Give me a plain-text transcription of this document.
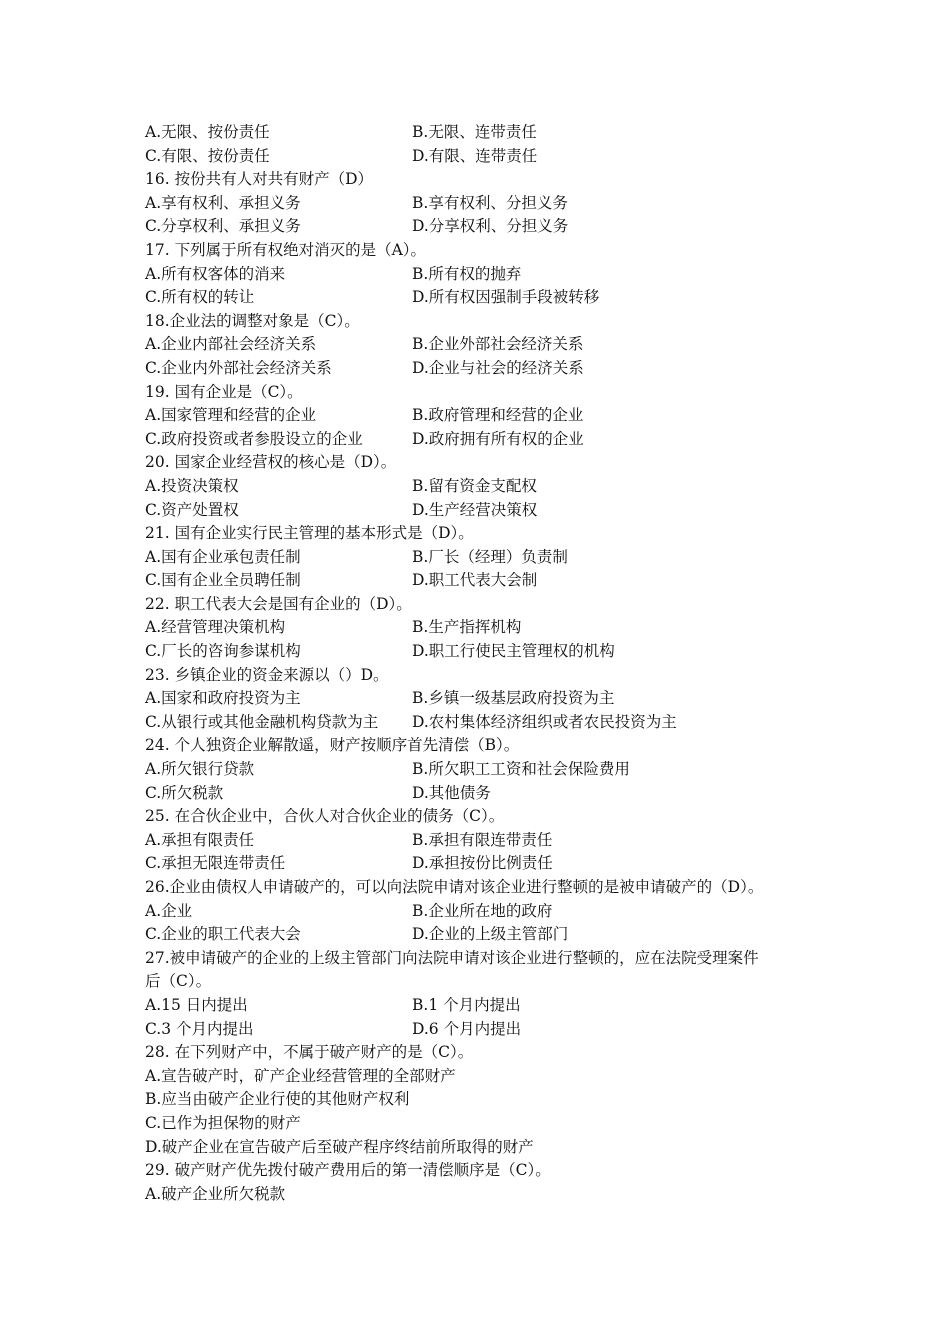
A.无限、按份责任	B.无限、连带责任
C.有限、按份责任	D.有限、连带责任
16. 按份共有人对共有财产（D）
A.享有权利、承担义务	B.享有权利、分担义务
C.分享权利、承担义务	D.分享权利、分担义务
17. 下列属于所有权绝对消灭的是（A）。
A.所有权客体的消来	B.所有权的抛弃
C.所有权的转让	D.所有权因强制手段被转移
18.企业法的调整对象是（C）。
A.企业内部社会经济关系	B.企业外部社会经济关系
C.企业内外部社会经济关系	D.企业与社会的经济关系
19. 国有企业是（C）。
A.国家管理和经营的企业	B.政府管理和经营的企业
C.政府投资或者参股设立的企业	D.政府拥有所有权的企业
20. 国家企业经营权的核心是（D）。
A.投资决策权	B.留有资金支配权
C.资产处置权	D.生产经营决策权
21. 国有企业实行民主管理的基本形式是（D）。
A.国有企业承包责任制	B.厂长（经理）负责制
C.国有企业全员聘任制	D.职工代表大会制
22. 职工代表大会是国有企业的（D）。
A.经营管理决策机构	B.生产指挥机构
C.厂长的咨询参谋机构	D.职工行使民主管理权的机构
23. 乡镇企业的资金来源以（）D。
A.国家和政府投资为主	B.乡镇一级基层政府投资为主
C.从银行或其他金融机构贷款为主	D.农村集体经济组织或者农民投资为主
24. 个人独资企业解散遥，财产按顺序首先清偿（B）。
A.所欠银行贷款	B.所欠职工工资和社会保险费用
C.所欠税款	D.其他债务
25. 在合伙企业中，合伙人对合伙企业的债务（C）。
A.承担有限责任	B.承担有限连带责任
C.承担无限连带责任	D.承担按份比例责任
26.企业由债权人申请破产的，可以向法院申请对该企业进行整顿的是被申请破产的（D）。
A.企业	B.企业所在地的政府
C.企业的职工代表大会	D.企业的上级主管部门
27.被申请破产的企业的上级主管部门向法院申请对该企业进行整顿的，应在法院受理案件
后（C）。
A.15 日内提出	B.1 个月内提出
C.3 个月内提出	D.6 个月内提出
28. 在下列财产中，不属于破产财产的是（C）。
A.宣告破产时，矿产企业经营管理的全部财产
B.应当由破产企业行使的其他财产权利
C.已作为担保物的财产
D.破产企业在宣告破产后至破产程序终结前所取得的财产
29. 破产财产优先拨付破产费用后的第一清偿顺序是（C）。
A.破产企业所欠税款
